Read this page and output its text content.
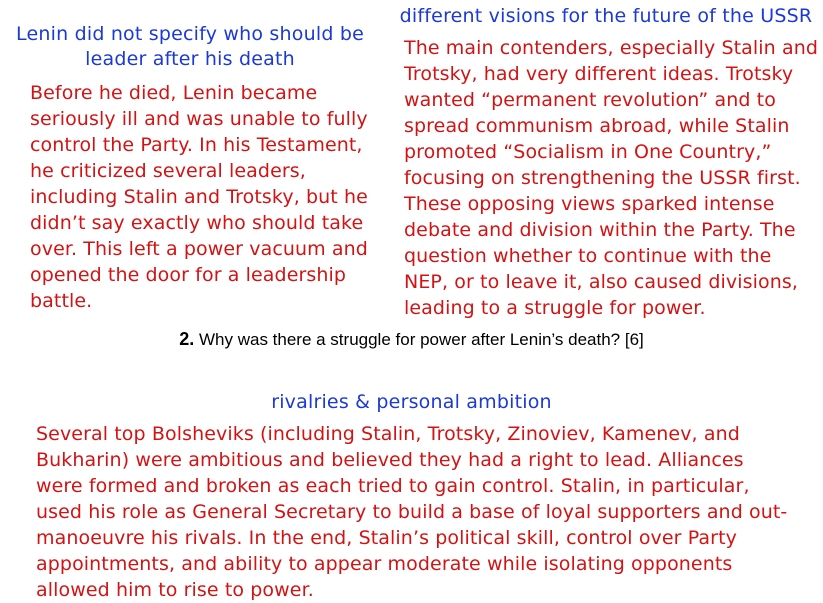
Lenin did not specify who should be leader after his death
Before he died, Lenin became seriously ill and was unable to fully control the Party. In his Testament, he criticized several leaders, including Stalin and Trotsky, but he didn’t say exactly who should take over. This left a power vacuum and opened the door for a leadership battle.
different visions for the future of the USSR
The main contenders, especially Stalin and Trotsky, had very different ideas. Trotsky wanted “permanent revolution” and to spread communism abroad, while Stalin promoted “Socialism in One Country,” focusing on strengthening the USSR first. These opposing views sparked intense debate and division within the Party. The question whether to continue with the NEP, or to leave it, also caused divisions, leading to a struggle for power.
2. Why was there a struggle for power after Lenin’s death? [6]
rivalries & personal ambition
Several top Bolsheviks (including Stalin, Trotsky, Zinoviev, Kamenev, and Bukharin) were ambitious and believed they had a right to lead. Alliances were formed and broken as each tried to gain control. Stalin, in particular, used his role as General Secretary to build a base of loyal supporters and out-manoeuvre his rivals. In the end, Stalin’s political skill, control over Party appointments, and ability to appear moderate while isolating opponents allowed him to rise to power.
